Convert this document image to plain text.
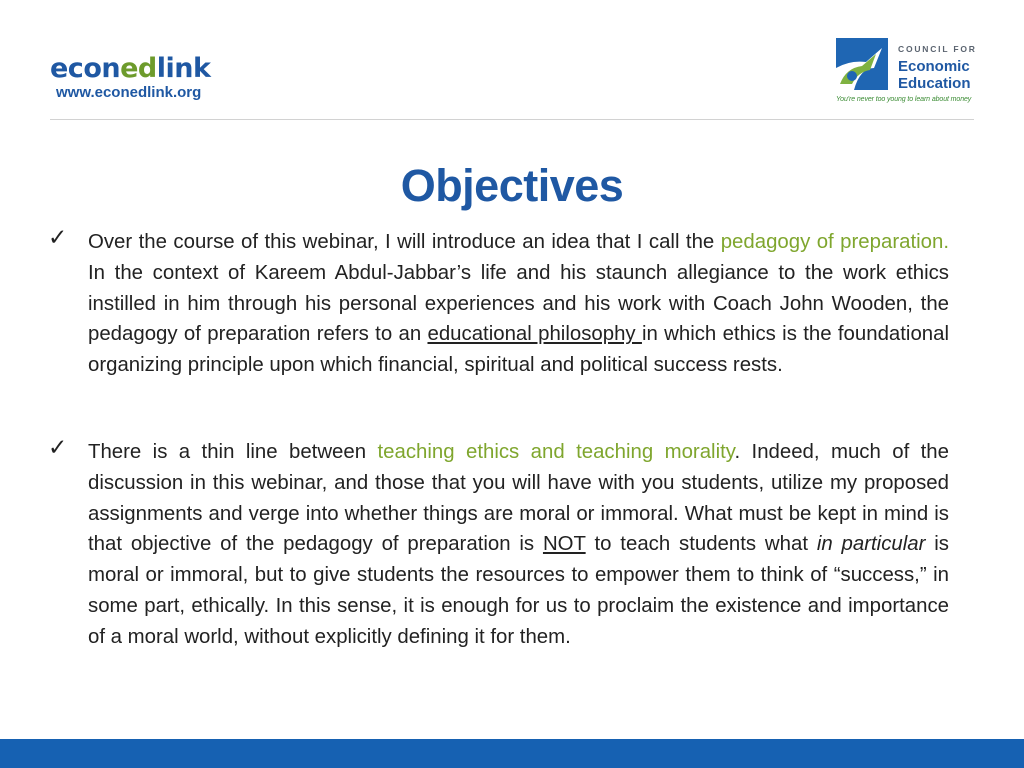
econedlink
www.econedlink.org
COUNCIL FOR
Economic
Education
You're never too young to learn about money
Objectives
✓ Over the course of this webinar, I will introduce an idea that I call the pedagogy of preparation. In the context of Kareem Abdul-Jabbar’s life and his staunch allegiance to the work ethics instilled in him through his personal experiences and his work with Coach John Wooden, the pedagogy of preparation refers to an educational philosophy in which ethics is the foundational organizing principle upon which financial, spiritual and political success rests.
✓ There is a thin line between teaching ethics and teaching morality. Indeed, much of the discussion in this webinar, and those that you will have with you students, utilize my proposed assignments and verge into whether things are moral or immoral. What must be kept in mind is that objective of the pedagogy of preparation is NOT to teach students what in particular is moral or immoral, but to give students the resources to empower them to think of “success,” in some part, ethically. In this sense, it is enough for us to proclaim the existence and importance of a moral world, without explicitly defining it for them.
